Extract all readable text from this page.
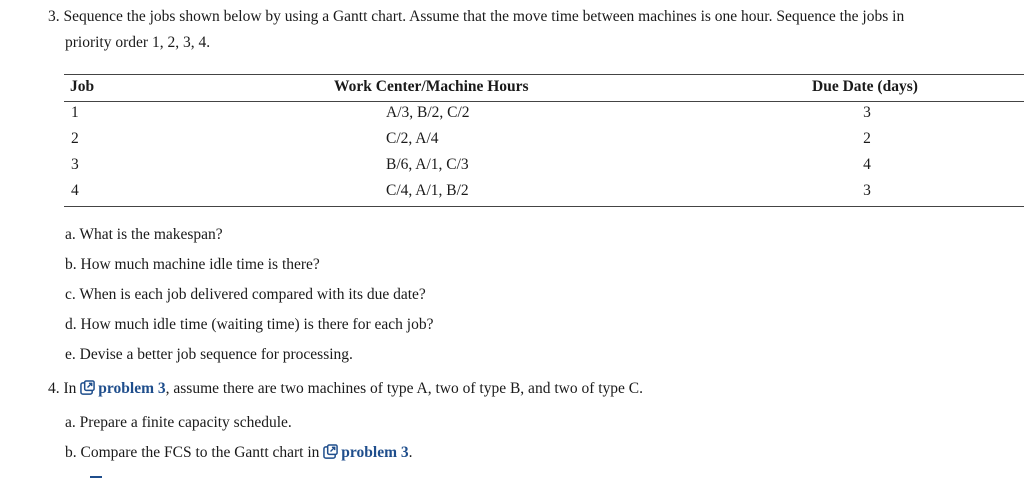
3. Sequence the jobs shown below by using a Gantt chart. Assume that the move time between machines is one hour. Sequence the jobs in
priority order 1, 2, 3, 4.
Job	Work Center/Machine Hours	Due Date (days)
1	A/3, B/2, C/2	3
2	C/2, A/4	2
3	B/6, A/1, C/3	4
4	C/4, A/1, B/2	3
a. What is the makespan?
b. How much machine idle time is there?
c. When is each job delivered compared with its due date?
d. How much idle time (waiting time) is there for each job?
e. Devise a better job sequence for processing.
4. In problem 3, assume there are two machines of type A, two of type B, and two of type C.
a. Prepare a finite capacity schedule.
b. Compare the FCS to the Gantt chart in problem 3.
